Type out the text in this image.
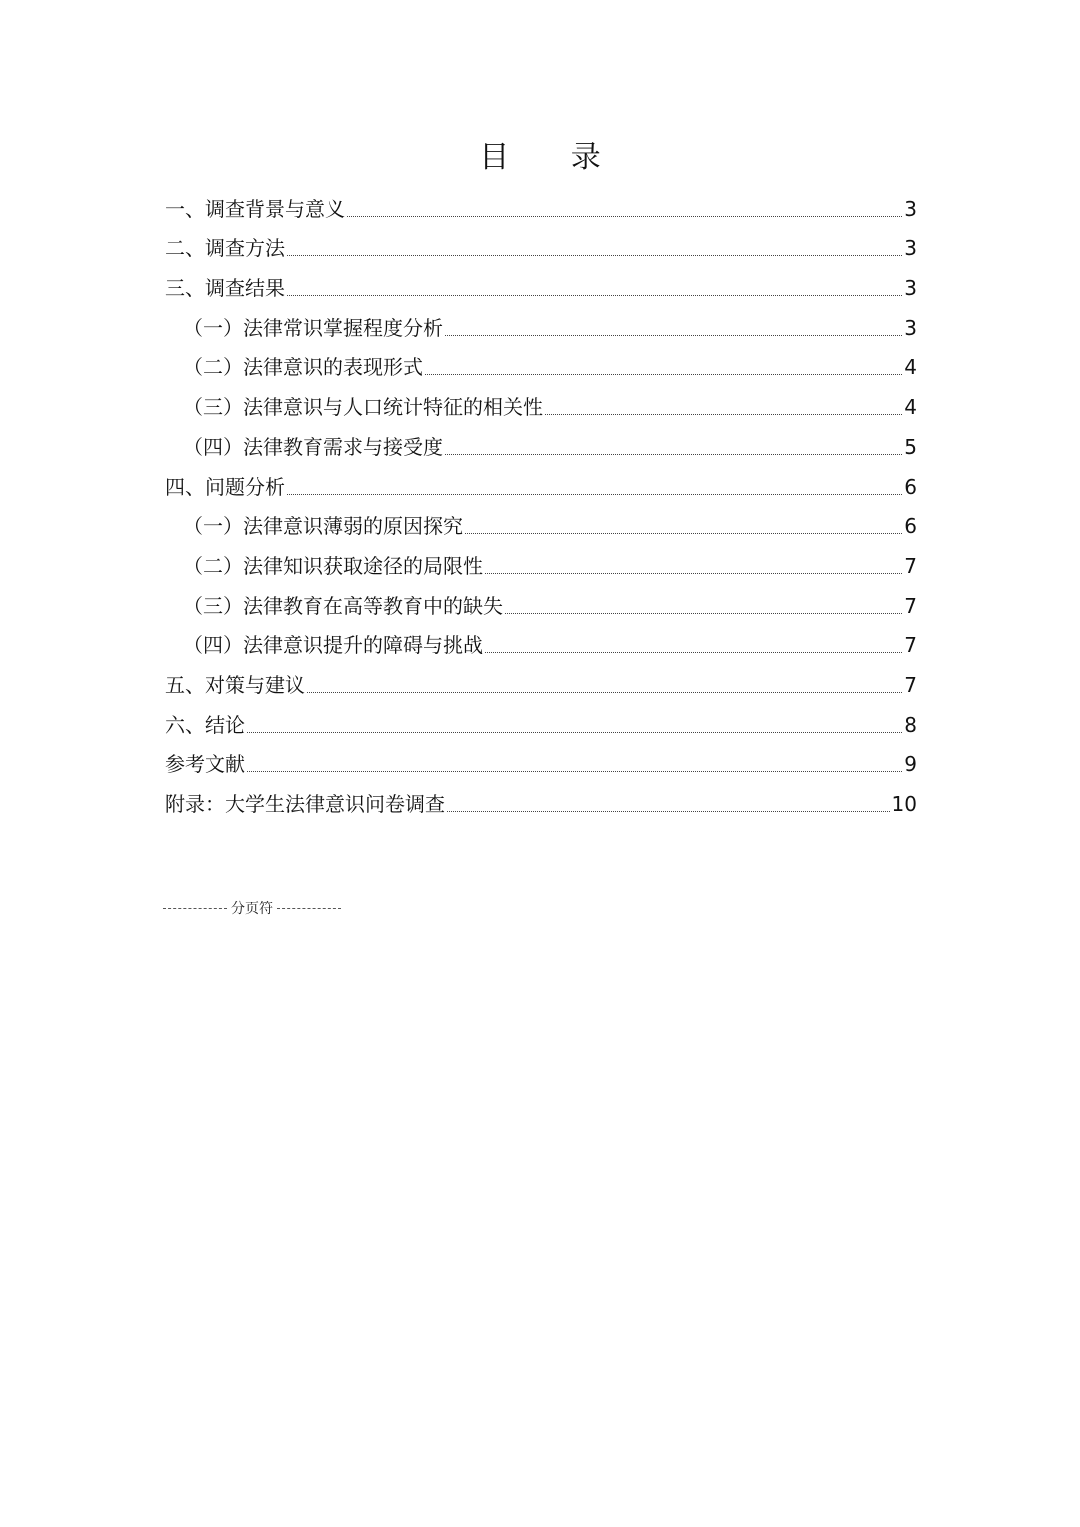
目 录
一、调查背景与意义	3
二、调查方法	3
三、调查结果	3
（一）法律常识掌握程度分析	3
（二）法律意识的表现形式	4
（三）法律意识与人口统计特征的相关性	4
（四）法律教育需求与接受度	5
四、问题分析	6
（一）法律意识薄弱的原因探究	6
（二）法律知识获取途径的局限性	7
（三）法律教育在高等教育中的缺失	7
（四）法律意识提升的障碍与挑战	7
五、对策与建议	7
六、结论	8
参考文献	9
附录：大学生法律意识问卷调查	10
分页符
